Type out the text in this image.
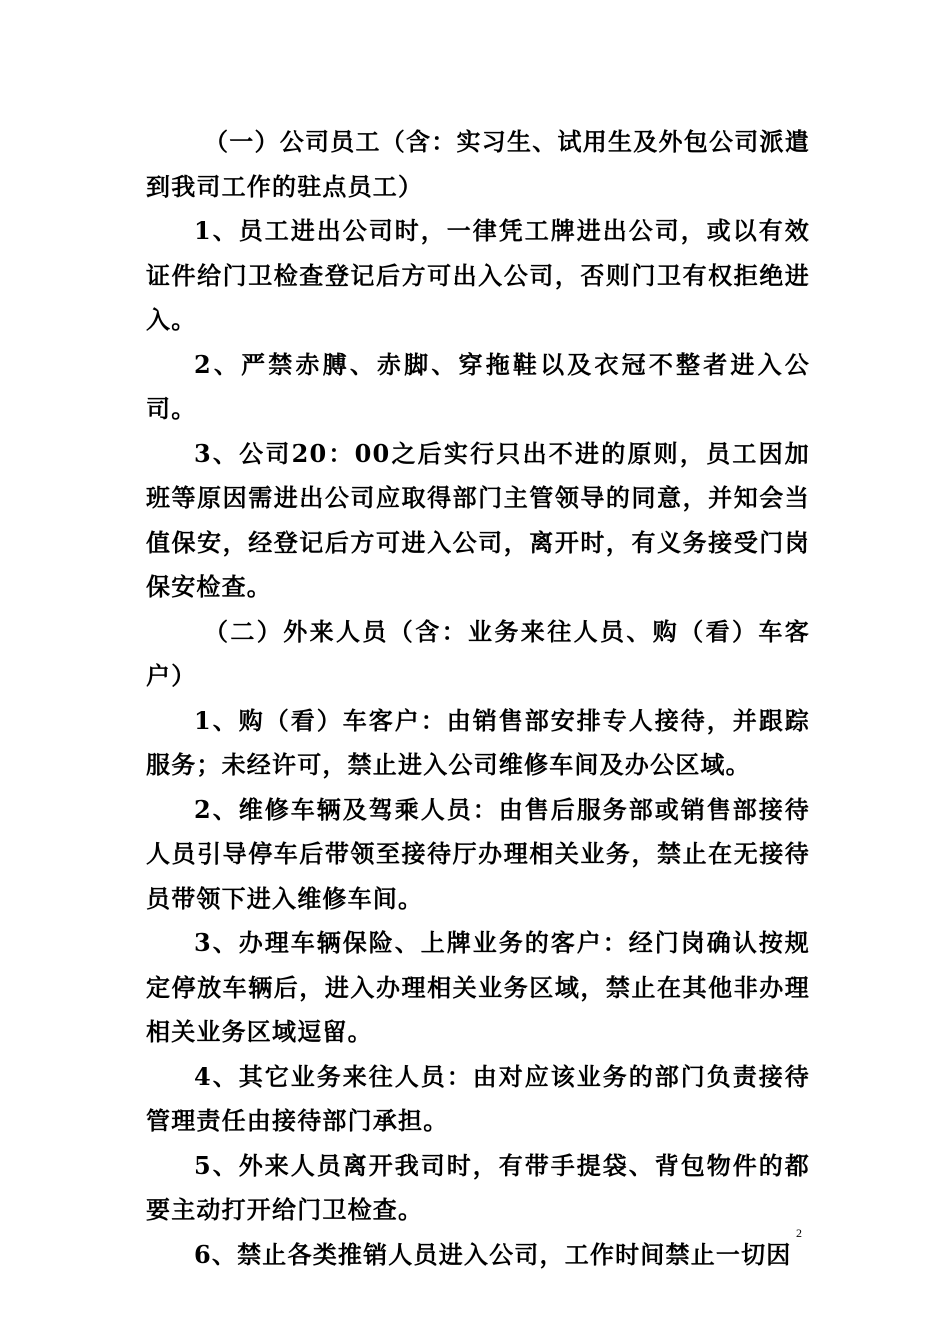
（一）公司员工（含：实习生、试用生及外包公司派遣到我司工作的驻点员工）

1、员工进出公司时，一律凭工牌进出公司，或以有效证件给门卫检查登记后方可出入公司，否则门卫有权拒绝进入。

2、严禁赤膊、赤脚、穿拖鞋以及衣冠不整者进入公司。

3、公司20：00之后实行只出不进的原则，员工因加班等原因需进出公司应取得部门主管领导的同意，并知会当值保安，经登记后方可进入公司，离开时，有义务接受门岗保安检查。

（二）外来人员（含：业务来往人员、购（看）车客户）

1、购（看）车客户：由销售部安排专人接待，并跟踪服务；未经许可，禁止进入公司维修车间及办公区域。

2、维修车辆及驾乘人员：由售后服务部或销售部接待人员引导停车后带领至接待厅办理相关业务，禁止在无接待员带领下进入维修车间。

3、办理车辆保险、上牌业务的客户：经门岗确认按规定停放车辆后，进入办理相关业务区域，禁止在其他非办理相关业务区域逗留。

4、其它业务来往人员：由对应该业务的部门负责接待管理责任由接待部门承担。

5、外来人员离开我司时，有带手提袋、背包物件的都要主动打开给门卫检查。

6、禁止各类推销人员进入公司，工作时间禁止一切因

2
